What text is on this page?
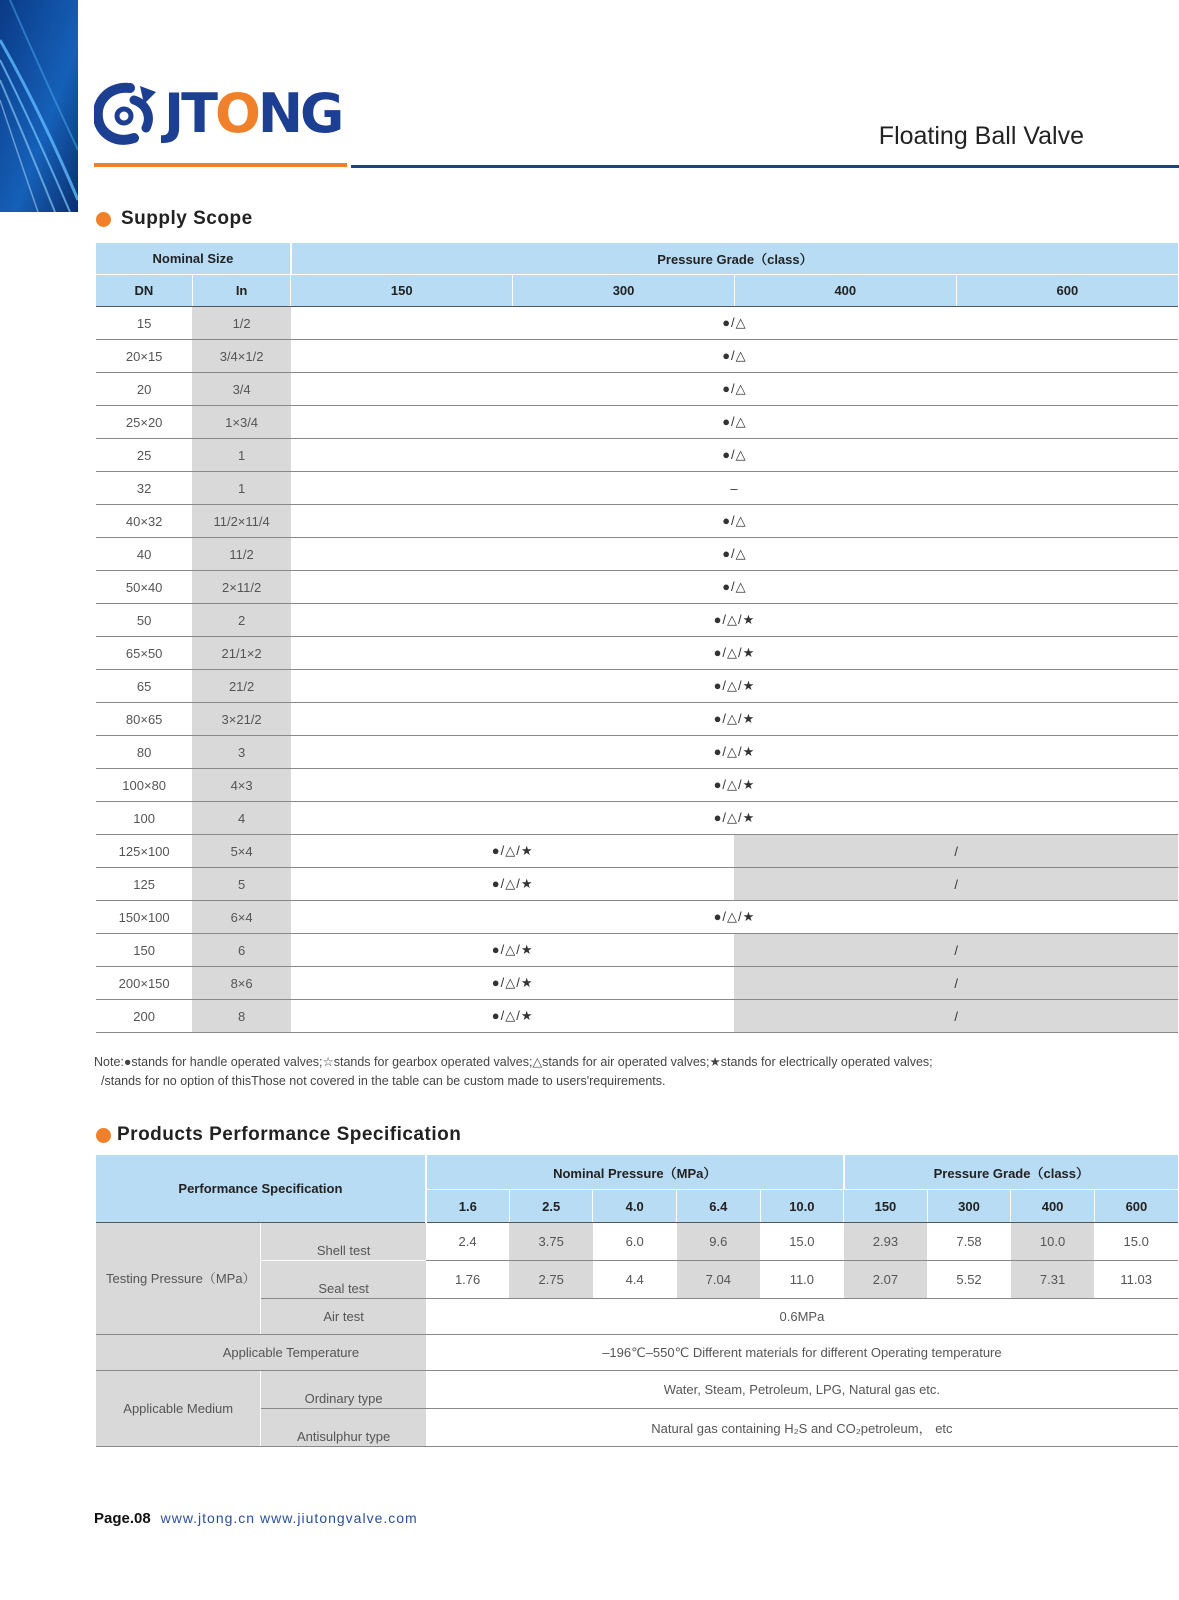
JTONG	Floating Ball Valve
Supply Scope
Nominal Size		Pressure Grade（class）			
DN	In	150	300	400	600
15	1/2	●/△			
20×15	3/4×1/2	●/△			
20	3/4	●/△			
25×20	1×3/4	●/△			
25	1	●/△			
32	1	–			
40×32	11/2×11/4	●/△			
40	11/2	●/△			
50×40	2×11/2	●/△			
50	2	●/△/★			
65×50	21/1×2	●/△/★			
65	21/2	●/△/★			
80×65	3×21/2	●/△/★			
80	3	●/△/★			
100×80	4×3	●/△/★			
100	4	●/△/★			
125×100	5×4	●/△/★		/	
125	5	●/△/★		/	
150×100	6×4	●/△/★			
150	6	●/△/★		/	
200×150	8×6	●/△/★		/	
200	8	●/△/★		/	
Note:●stands for handle operated valves;☆stands for gearbox operated valves;△stands for air operated valves;★stands for electrically operated valves;
/stands for no option of thisThose not covered in the table can be custom made to users'requirements.
Products Performance Specification
Performance Specification		Nominal Pressure（MPa）					Pressure Grade（class）			
		1.6	2.5	4.0	6.4	10.0	150	300	400	600
Testing Pressure（MPa）	Shell test	2.4	3.75	6.0	9.6	15.0	2.93	7.58	10.0	15.0
	Seal test	1.76	2.75	4.4	7.04	11.0	2.07	5.52	7.31	11.03
	Air test	0.6MPa								
Applicable Temperature		–196℃–550℃ Different materials for different Operating temperature								
Applicable Medium	Ordinary type	Water, Steam, Petroleum, LPG, Natural gas etc.								
	Antisulphur type	Natural gas containing H₂S and CO₂petroleum， etc								
Page.08 www.jtong.cn www.jiutongvalve.com
